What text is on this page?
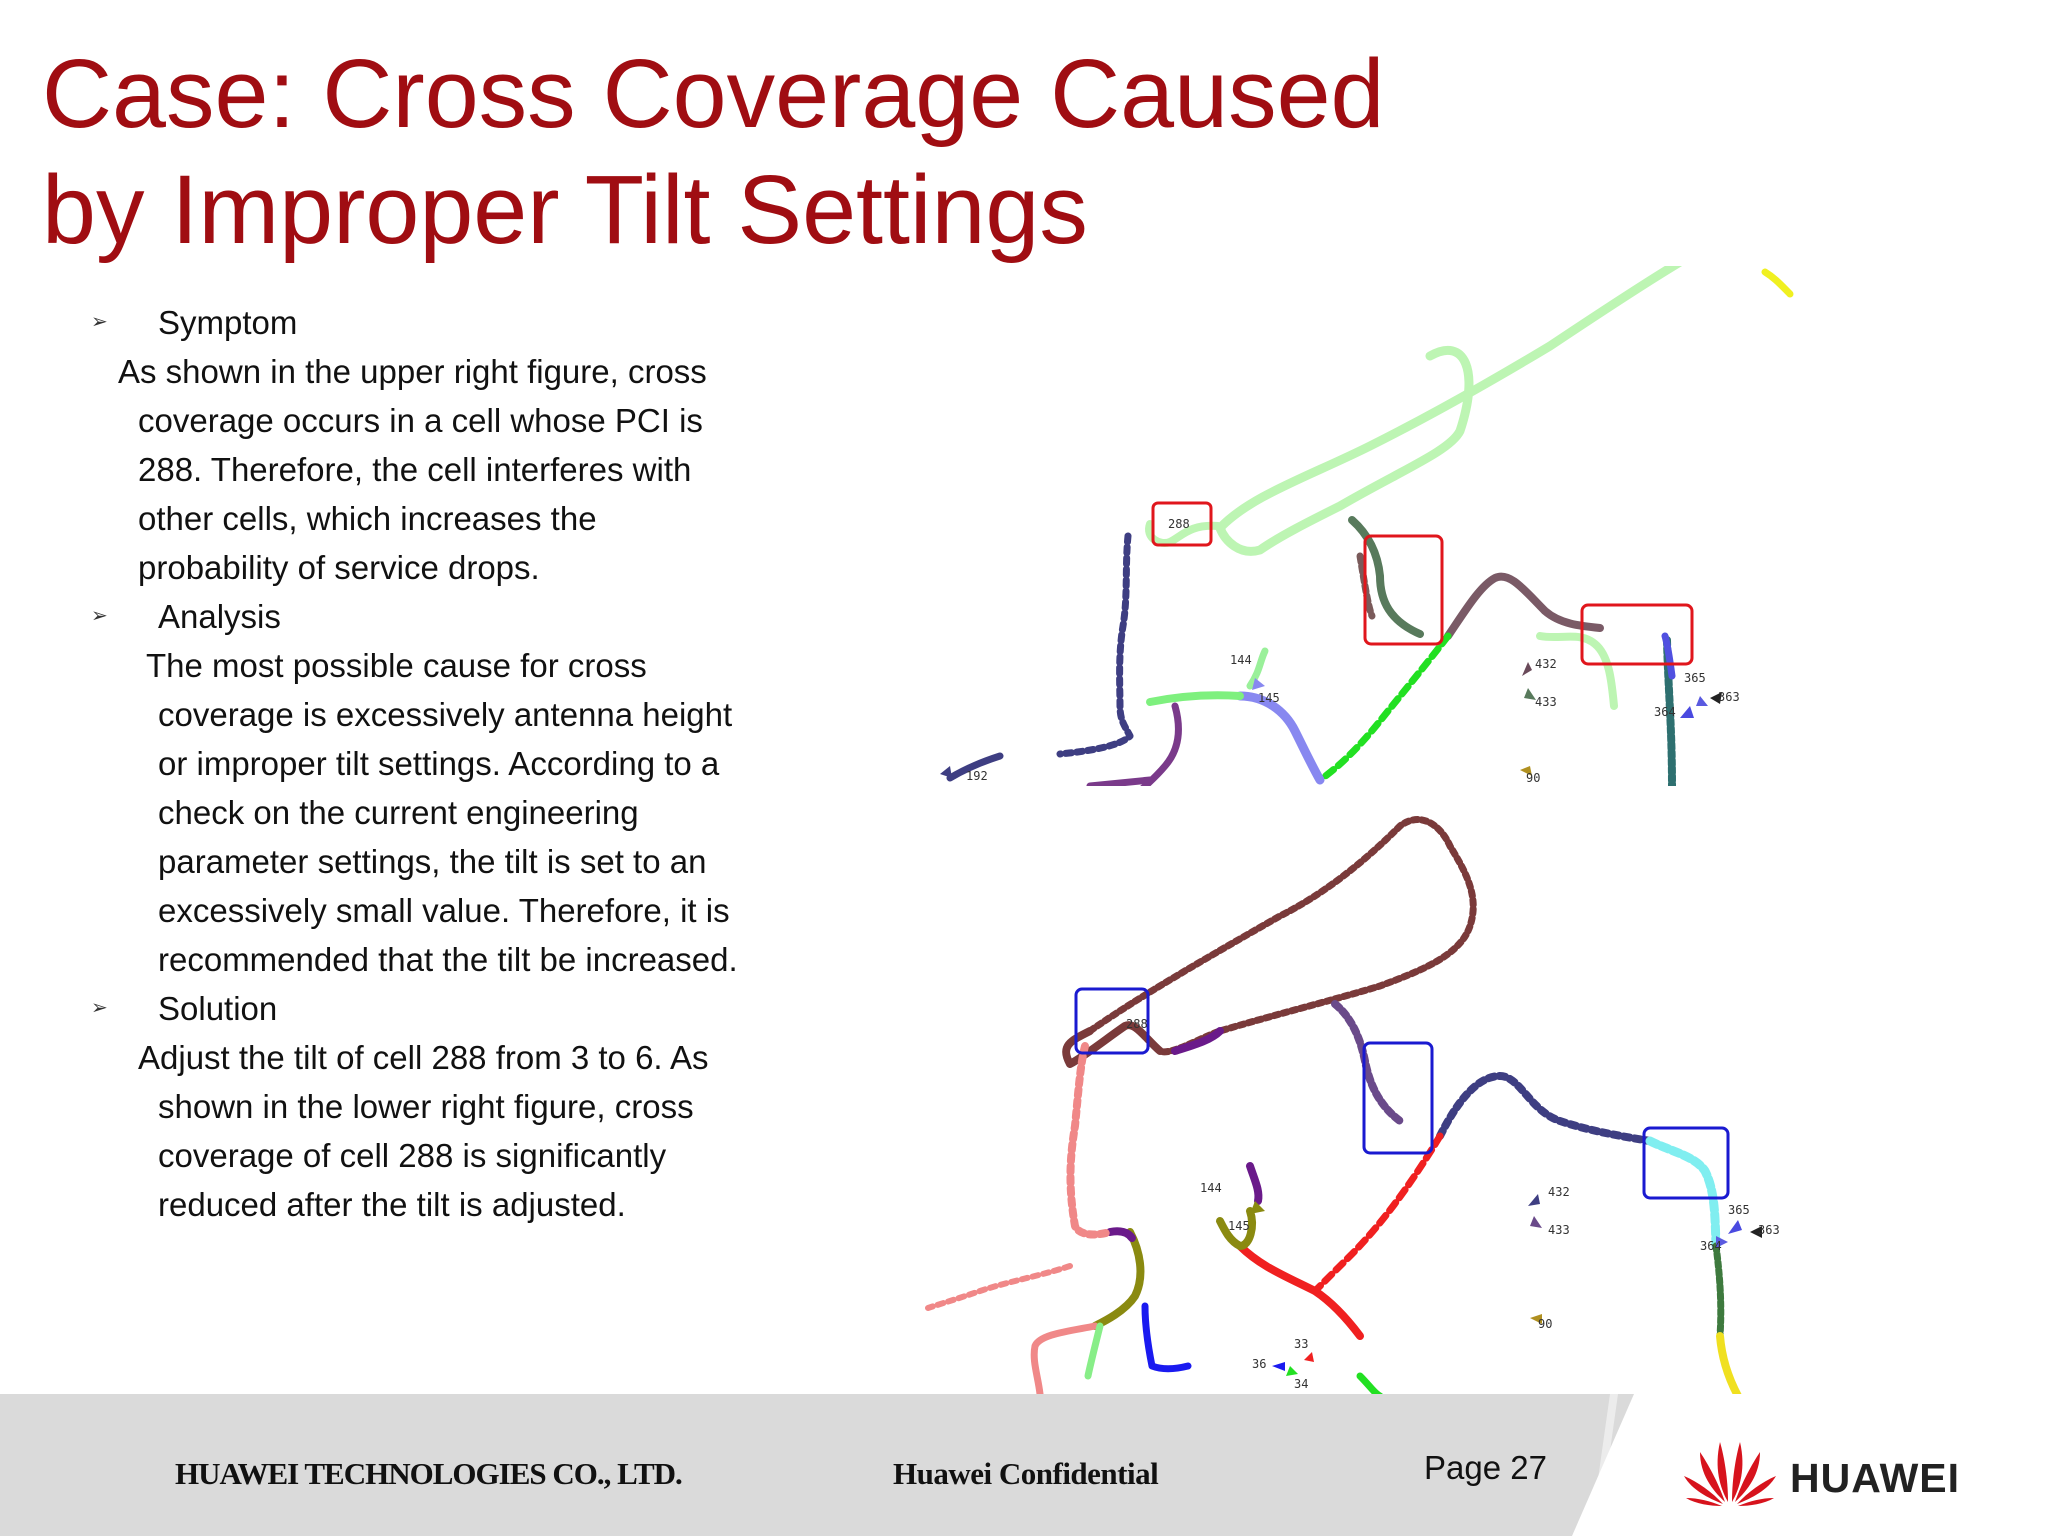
Case: Cross Coverage Caused
by Improper Tilt Settings
➢ Symptom
As shown in the upper right figure, cross
coverage occurs in a cell whose PCI is
288. Therefore, the cell interferes with
other cells, which increases the
probability of service drops.
➢ Analysis
The most possible cause for cross
coverage is excessively antenna height
or improper tilt settings. According to a
check on the current engineering
parameter settings, the tilt is set to an
excessively small value. Therefore, it is
recommended that the tilt be increased.
➢ Solution
Adjust the tilt of cell 288 from 3 to 6. As
shown in the lower right figure, cross
coverage of cell 288 is significantly
reduced after the tilt is adjusted.
288
144
145
432
433
365
363
364
90
192
288
144
145
432
433
365
363
364
90
33
34
36
HUAWEI TECHNOLOGIES CO., LTD.	Huawei Confidential	Page 27	HUAWEI
